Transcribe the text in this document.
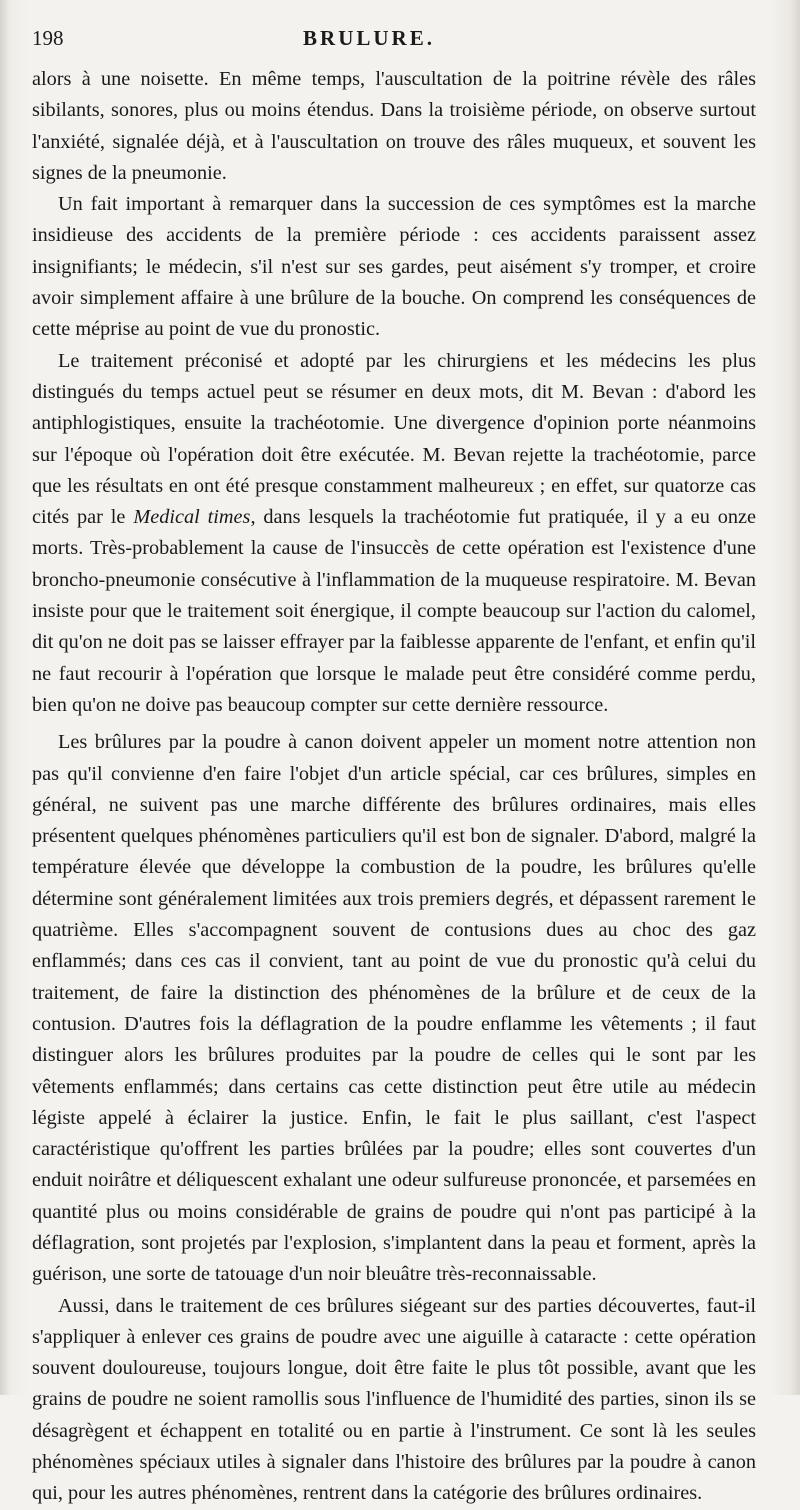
198	BRULURE.

alors à une noisette. En même temps, l'auscultation de la poitrine révèle des râles sibilants, sonores, plus ou moins étendus. Dans la troisième période, on observe surtout l'anxiété, signalée déjà, et à l'auscultation on trouve des râles muqueux, et souvent les signes de la pneumonie.

Un fait important à remarquer dans la succession de ces symptômes est la marche insidieuse des accidents de la première période : ces accidents paraissent assez insignifiants; le médecin, s'il n'est sur ses gardes, peut aisément s'y tromper, et croire avoir simplement affaire à une brûlure de la bouche. On comprend les conséquences de cette méprise au point de vue du pronostic.

Le traitement préconisé et adopté par les chirurgiens et les médecins les plus distingués du temps actuel peut se résumer en deux mots, dit M. Bevan : d'abord les antiphlogistiques, ensuite la trachéotomie. Une divergence d'opinion porte néanmoins sur l'époque où l'opération doit être exécutée. M. Bevan rejette la trachéotomie, parce que les résultats en ont été presque constamment malheureux ; en effet, sur quatorze cas cités par le Medical times, dans lesquels la trachéotomie fut pratiquée, il y a eu onze morts. Très-probablement la cause de l'insuccès de cette opération est l'existence d'une broncho-pneumonie consécutive à l'inflammation de la muqueuse respiratoire. M. Bevan insiste pour que le traitement soit énergique, il compte beaucoup sur l'action du calomel, dit qu'on ne doit pas se laisser effrayer par la faiblesse apparente de l'enfant, et enfin qu'il ne faut recourir à l'opération que lorsque le malade peut être considéré comme perdu, bien qu'on ne doive pas beaucoup compter sur cette dernière ressource.

Les brûlures par la poudre à canon doivent appeler un moment notre attention non pas qu'il convienne d'en faire l'objet d'un article spécial, car ces brûlures, simples en général, ne suivent pas une marche différente des brûlures ordinaires, mais elles présentent quelques phénomènes particuliers qu'il est bon de signaler. D'abord, malgré la température élevée que développe la combustion de la poudre, les brûlures qu'elle détermine sont généralement limitées aux trois premiers degrés, et dépassent rarement le quatrième. Elles s'accompagnent souvent de contusions dues au choc des gaz enflammés; dans ces cas il convient, tant au point de vue du pronostic qu'à celui du traitement, de faire la distinction des phénomènes de la brûlure et de ceux de la contusion. D'autres fois la déflagration de la poudre enflamme les vêtements ; il faut distinguer alors les brûlures produites par la poudre de celles qui le sont par les vêtements enflammés; dans certains cas cette distinction peut être utile au médecin légiste appelé à éclairer la justice. Enfin, le fait le plus saillant, c'est l'aspect caractéristique qu'offrent les parties brûlées par la poudre; elles sont couvertes d'un enduit noirâtre et déliquescent exhalant une odeur sulfureuse prononcée, et parsemées en quantité plus ou moins considérable de grains de poudre qui n'ont pas participé à la déflagration, sont projetés par l'explosion, s'implantent dans la peau et forment, après la guérison, une sorte de tatouage d'un noir bleuâtre très-reconnaissable.

Aussi, dans le traitement de ces brûlures siégeant sur des parties découvertes, faut-il s'appliquer à enlever ces grains de poudre avec une aiguille à cataracte : cette opération souvent douloureuse, toujours longue, doit être faite le plus tôt possible, avant que les grains de poudre ne soient ramollis sous l'influence de l'humidité des parties, sinon ils se désagrègent et échappent en totalité ou en partie à l'instrument. Ce sont là les seules phénomènes spéciaux utiles à signaler dans l'histoire des brûlures par la poudre à canon qui, pour les autres phénomènes, rentrent dans la catégorie des brûlures ordinaires.
